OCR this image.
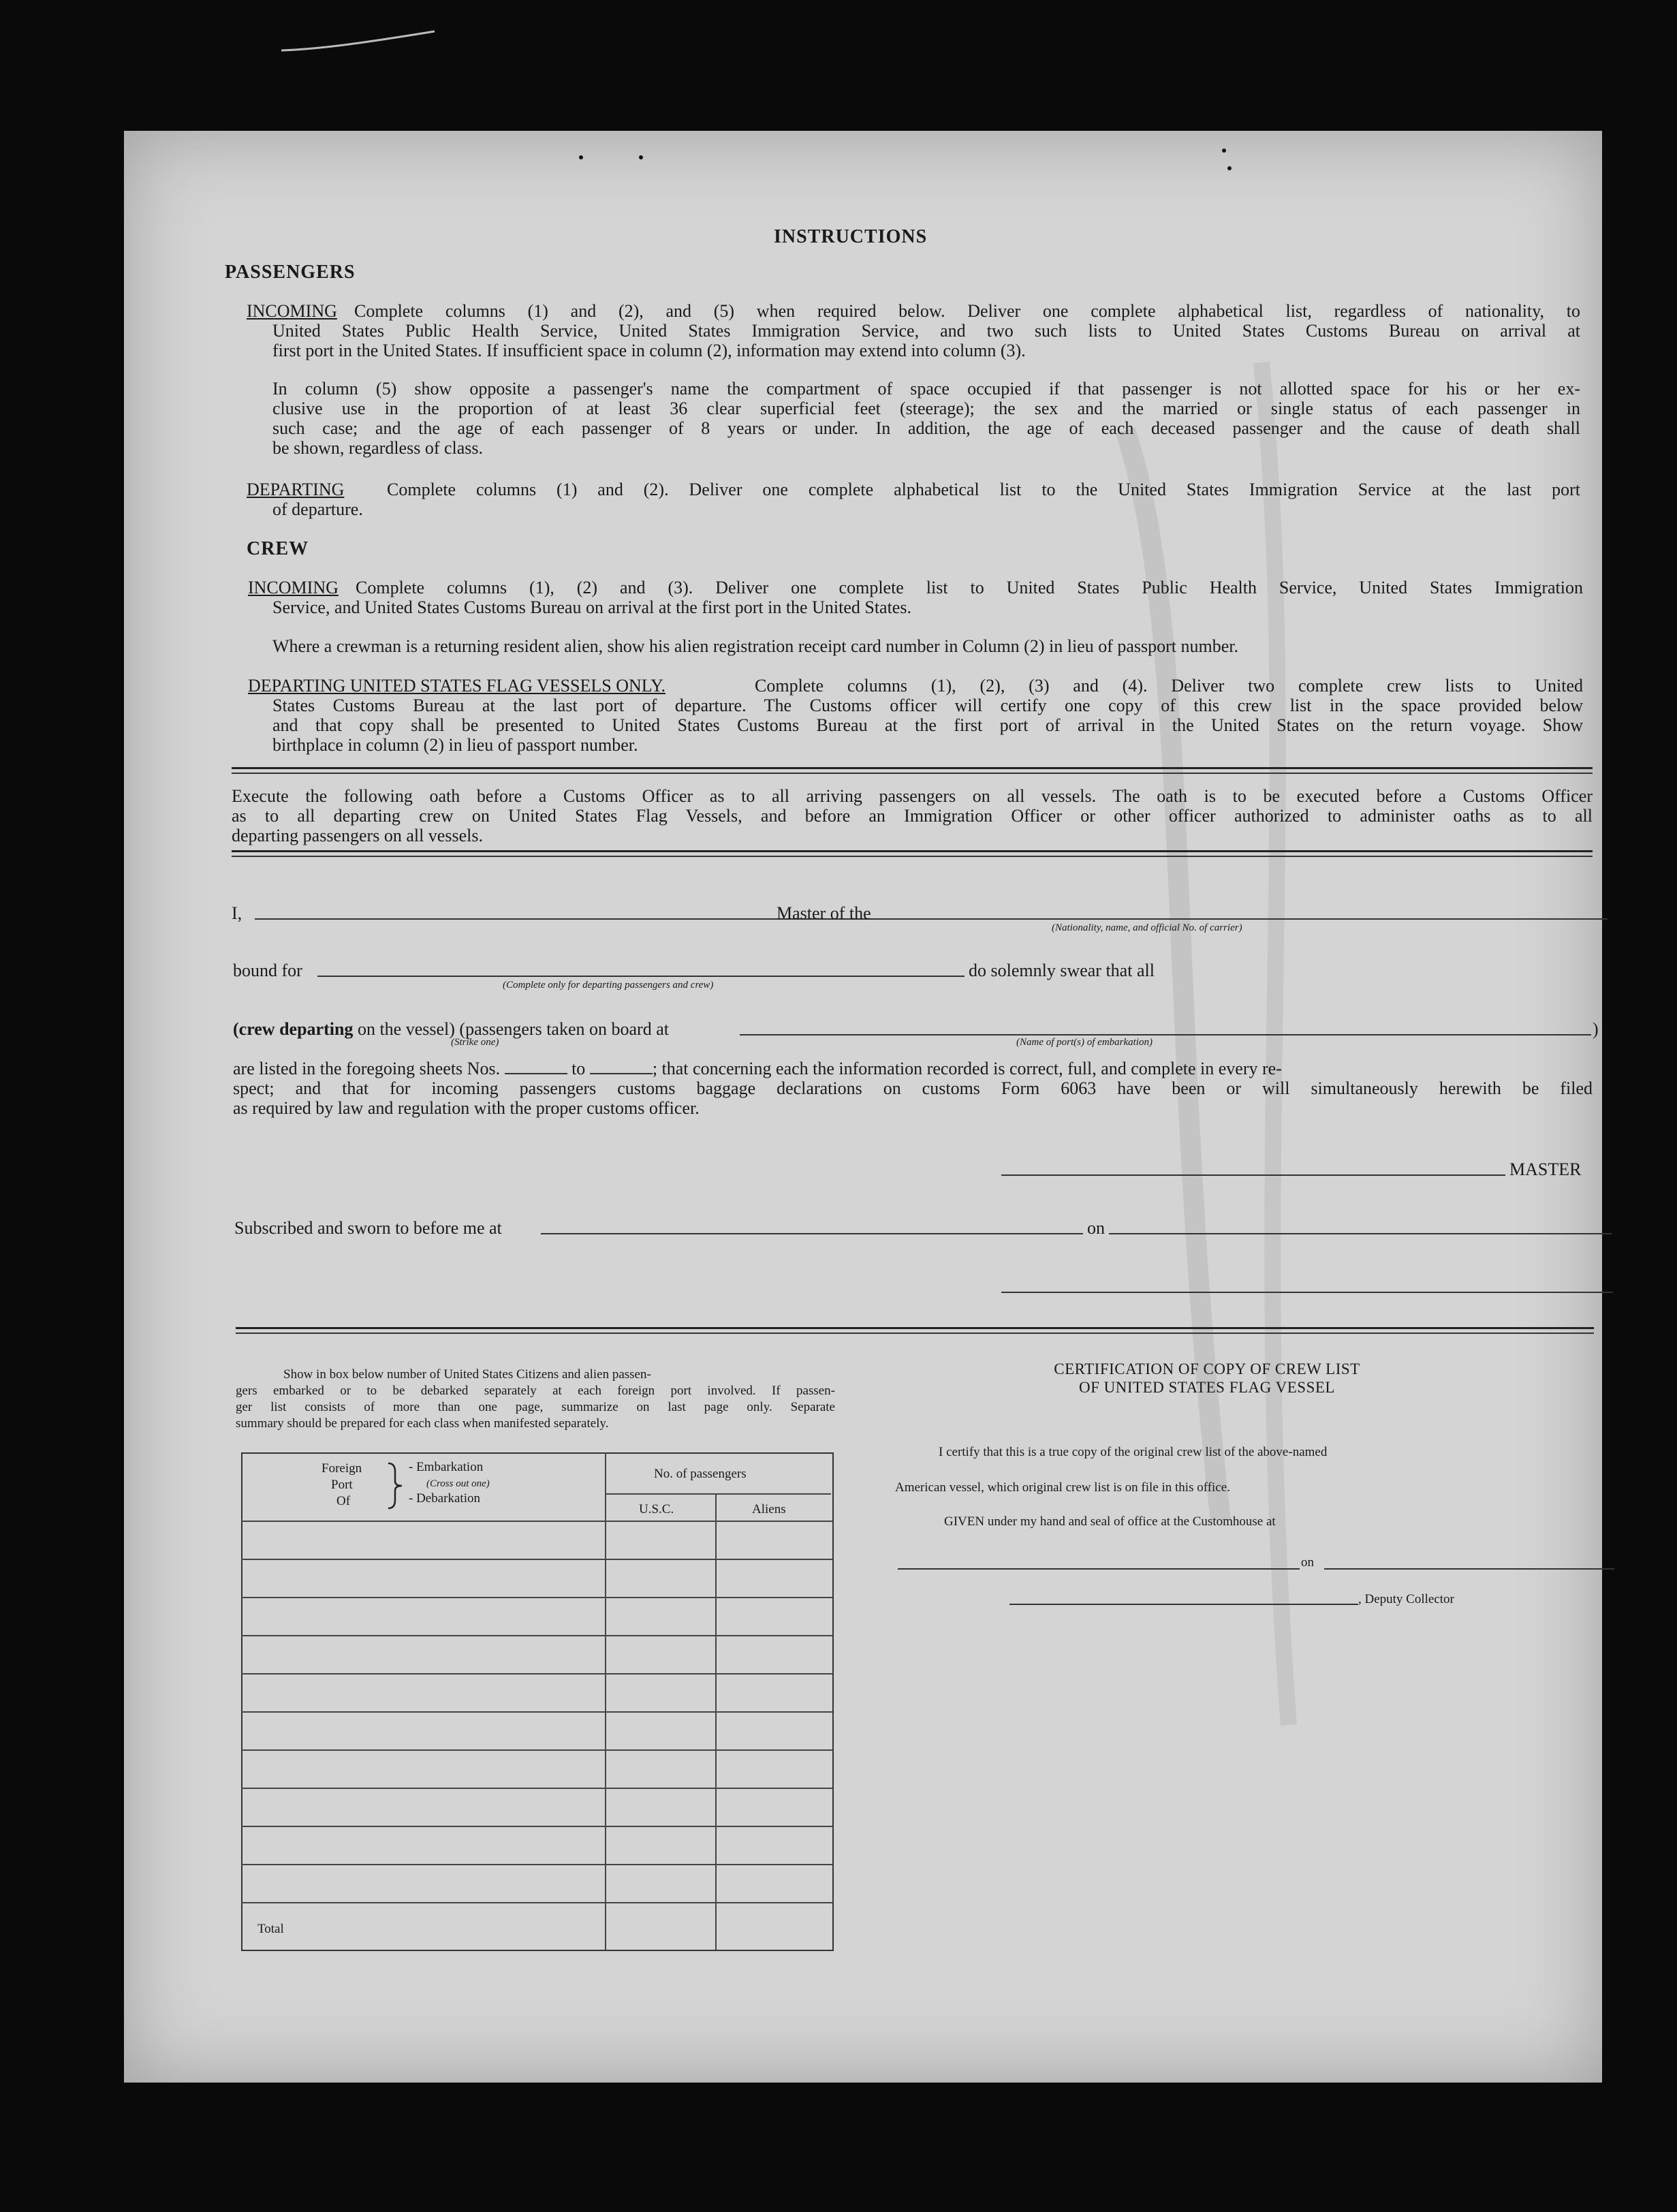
INSTRUCTIONS
PASSENGERS
INCOMING Complete columns (1) and (2), and (5) when required below. Deliver one complete alphabetical list, regardless of nationality, to
United States Public Health Service, United States Immigration Service, and two such lists to United States Customs Bureau on arrival at
first port in the United States. If insufficient space in column (2), information may extend into column (3).
In column (5) show opposite a passenger's name the compartment of space occupied if that passenger is not allotted space for his or her ex-
clusive use in the proportion of at least 36 clear superficial feet (steerage); the sex and the married or single status of each passenger in
such case; and the age of each passenger of 8 years or under. In addition, the age of each deceased passenger and the cause of death shall
be shown, regardless of class.
DEPARTING Complete columns (1) and (2). Deliver one complete alphabetical list to the United States Immigration Service at the last port
of departure.
CREW
INCOMING Complete columns (1), (2) and (3). Deliver one complete list to United States Public Health Service, United States Immigration
Service, and United States Customs Bureau on arrival at the first port in the United States.
Where a crewman is a returning resident alien, show his alien registration receipt card number in Column (2) in lieu of passport number.
DEPARTING UNITED STATES FLAG VESSELS ONLY.	Complete columns (1), (2), (3) and (4). Deliver two complete crew lists to United
States Customs Bureau at the last port of departure. The Customs officer will certify one copy of this crew list in the space provided below
and that copy shall be presented to United States Customs Bureau at the first port of arrival in the United States on the return voyage. Show
birthplace in column (2) in lieu of passport number.
Execute the following oath before a Customs Officer as to all arriving passengers on all vessels. The oath is to be executed before a Customs Officer
as to all departing crew on United States Flag Vessels, and before an Immigration Officer or other officer authorized to administer oaths as to all
departing passengers on all vessels.
I,	Master of the
(Nationality, name, and official No. of carrier)
bound for
(Complete only for departing passengers and crew)
do solemnly swear that all
(crew departing on the vessel) (passengers taken on board at	)
(Strike one)	(Name of port(s) of embarkation)
are listed in the foregoing sheets Nos.	to	; that concerning each the information recorded is correct, full, and complete in every re-
spect; and that for incoming passengers customs baggage declarations on customs Form 6063 have been or will simultaneously herewith be filed
as required by law and regulation with the proper customs officer.
MASTER
Subscribed and sworn to before me at	on
Show in box below number of United States Citizens and alien passen-
gers embarked or to be debarked separately at each foreign port involved. If passen-
ger list consists of more than one page, summarize on last page only. Separate
summary should be prepared for each class when manifested separately.
Foreign
Port
Of
- Embarkation
(Cross out one)
- Debarkation
No. of passengers
U.S.C.	Aliens
Total
CERTIFICATION OF COPY OF CREW LIST
OF UNITED STATES FLAG VESSEL
I certify that this is a true copy of the original crew list of the above-named
American vessel, which original crew list is on file in this office.
GIVEN under my hand and seal of office at the Customhouse at
on
, Deputy Collector
